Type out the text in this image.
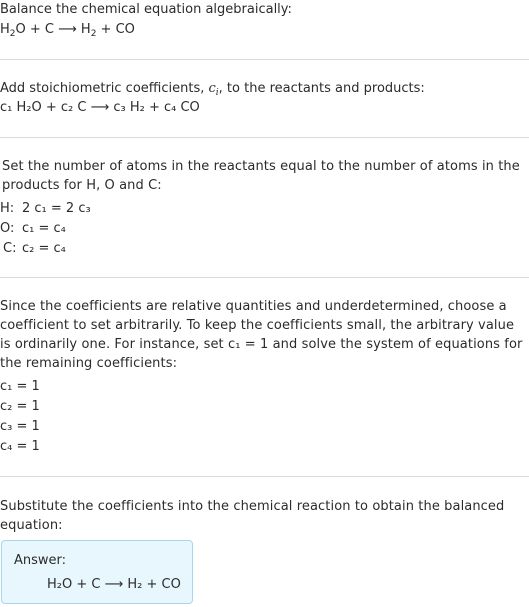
Balance the chemical equation algebraically:
$H_2O + C$ ⟶ $H_2$ + CO
Add stoichiometric coefficients, $c_i$, to the reactants and products:
c₁ H₂O + c₂ C ⟶ c₃ H₂ + c₄ CO
Set the number of atoms in the reactants equal to the number of atoms in the products for H, O and C:
H: 2 c₁ = 2 c₃
O: c₁ = c₄
C: c₂ = c₄
Since the coefficients are relative quantities and underdetermined, choose a coefficient to set arbitrarily. To keep the coefficients small, the arbitrary value is ordinarily one. For instance, set c₁ = 1 and solve the system of equations for the remaining coefficients:
c₁ = 1
c₂ = 1
c₃ = 1
c₄ = 1
Substitute the coefficients into the chemical reaction to obtain the balanced equation:
Answer:
H₂O + C ⟶ H₂ + CO
